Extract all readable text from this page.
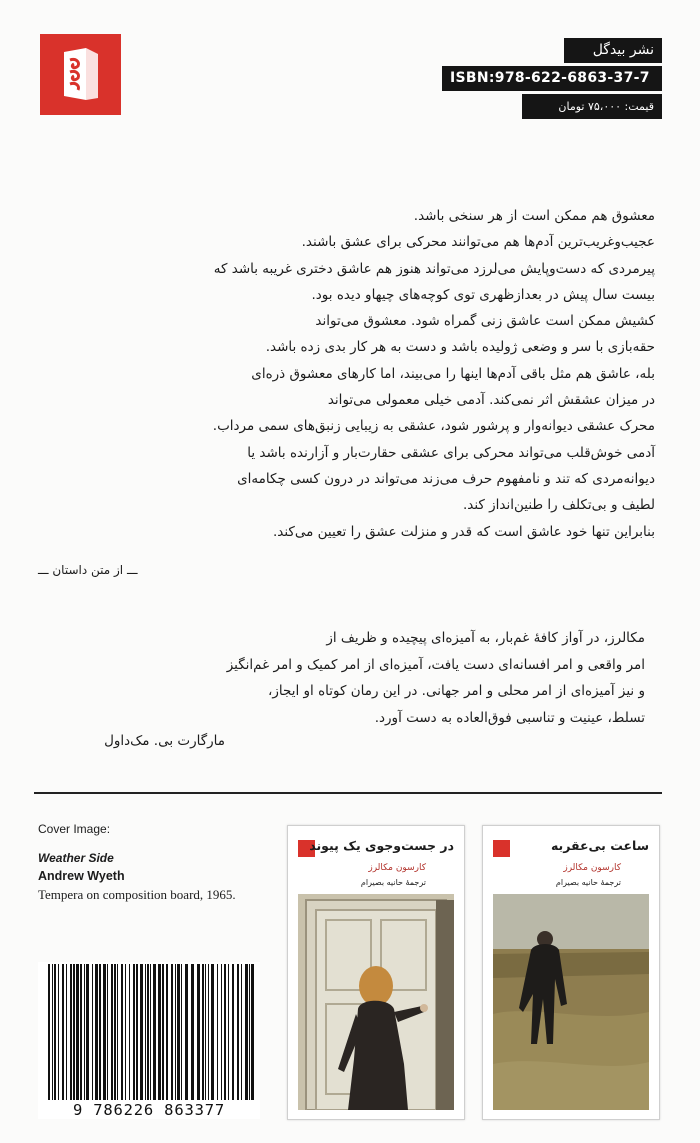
نشر بیدگل
ISBN:978-622-6863-37-7
قیمت: ۷۵،۰۰۰ تومان
معشوق هم ممکن است از هر سنخی باشد.
عجیب‌وغریب‌ترین آدم‌ها هم می‌توانند محرکی برای عشق باشند.
پیرمردی که دست‌وپایش می‌لرزد می‌تواند هنوز هم عاشق دختری غریبه باشد که
بیست سال پیش در بعدازظهری توی کوچه‌های چیهاو دیده بود.
کشیش ممکن است عاشق زنی گمراه شود. معشوق می‌تواند
حقه‌بازی با سر و وضعی ژولیده باشد و دست به هر کار بدی زده باشد.
بله، عاشق هم مثل باقی آدم‌ها اینها را می‌بیند، اما کارهای معشوق ذره‌ای
در میزان عشقش اثر نمی‌کند. آدمی خیلی معمولی می‌تواند
محرک عشقی دیوانه‌وار و پرشور شود، عشقی به زیبایی زنبق‌های سمی مرداب.
آدمی خوش‌قلب می‌تواند محرکی برای عشقی حقارت‌بار و آزارنده باشد یا
دیوانه‌مردی که تند و نامفهوم حرف می‌زند می‌تواند در درون کسی چکامه‌ای
لطیف و بی‌تکلف را طنین‌انداز کند.
بنابراین تنها خود عاشق است که قدر و منزلت عشق را تعیین می‌کند.
ـــ از متن داستان ـــ
مکالرز، در آواز کافهٔ غم‌بار، به آمیزه‌ای پیچیده و ظریف از
امر واقعی و امر افسانه‌ای دست یافت، آمیزه‌ای از امر کمیک و امر غم‌انگیز
و نیز آمیزه‌ای از امر محلی و امر جهانی. در این رمان کوتاه او ایجاز،
تسلط، عینیت و تناسبی فوق‌العاده به دست آورد.
مارگارت بی. مک‌داول
Cover Image:
Weather Side
Andrew Wyeth
Tempera on composition board, 1965.
9 786226 863377
در جست‌وجوی یک پیوند
کارسون مکالرز
ترجمهٔ حانیه بصیرام
ساعت بی‌عقربه
کارسون مکالرز
ترجمهٔ حانیه بصیرام
